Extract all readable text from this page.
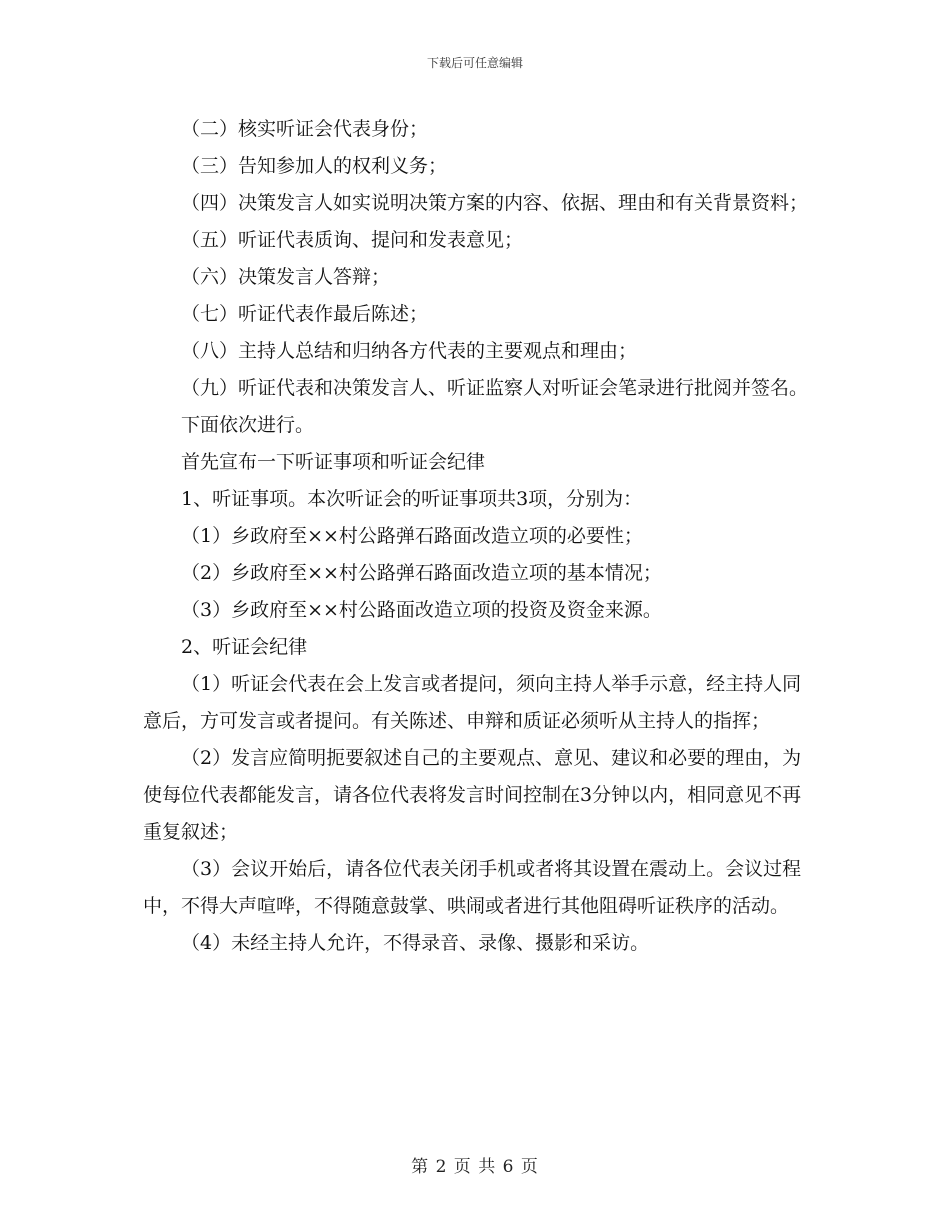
下载后可任意编辑

（二）核实听证会代表身份；

（三）告知参加人的权利义务；

（四）决策发言人如实说明决策方案的内容、依据、理由和有关背景资料；

（五）听证代表质询、提问和发表意见；

（六）决策发言人答辩；

（七）听证代表作最后陈述；

（八）主持人总结和归纳各方代表的主要观点和理由；

（九）听证代表和决策发言人、听证监察人对听证会笔录进行批阅并签名。

下面依次进行。

首先宣布一下听证事项和听证会纪律

1、听证事项。本次听证会的听证事项共3项，分别为：

（1）乡政府至××村公路弹石路面改造立项的必要性；

（2）乡政府至××村公路弹石路面改造立项的基本情况；

（3）乡政府至××村公路面改造立项的投资及资金来源。

2、听证会纪律

（1）听证会代表在会上发言或者提问，须向主持人举手示意，经主持人同意后，方可发言或者提问。有关陈述、申辩和质证必须听从主持人的指挥；

（2）发言应简明扼要叙述自己的主要观点、意见、建议和必要的理由，为使每位代表都能发言，请各位代表将发言时间控制在3分钟以内，相同意见不再重复叙述；

（3）会议开始后，请各位代表关闭手机或者将其设置在震动上。会议过程中，不得大声喧哗，不得随意鼓掌、哄闹或者进行其他阻碍听证秩序的活动。

（4）未经主持人允许，不得录音、录像、摄影和采访。

第 2 页 共 6 页
